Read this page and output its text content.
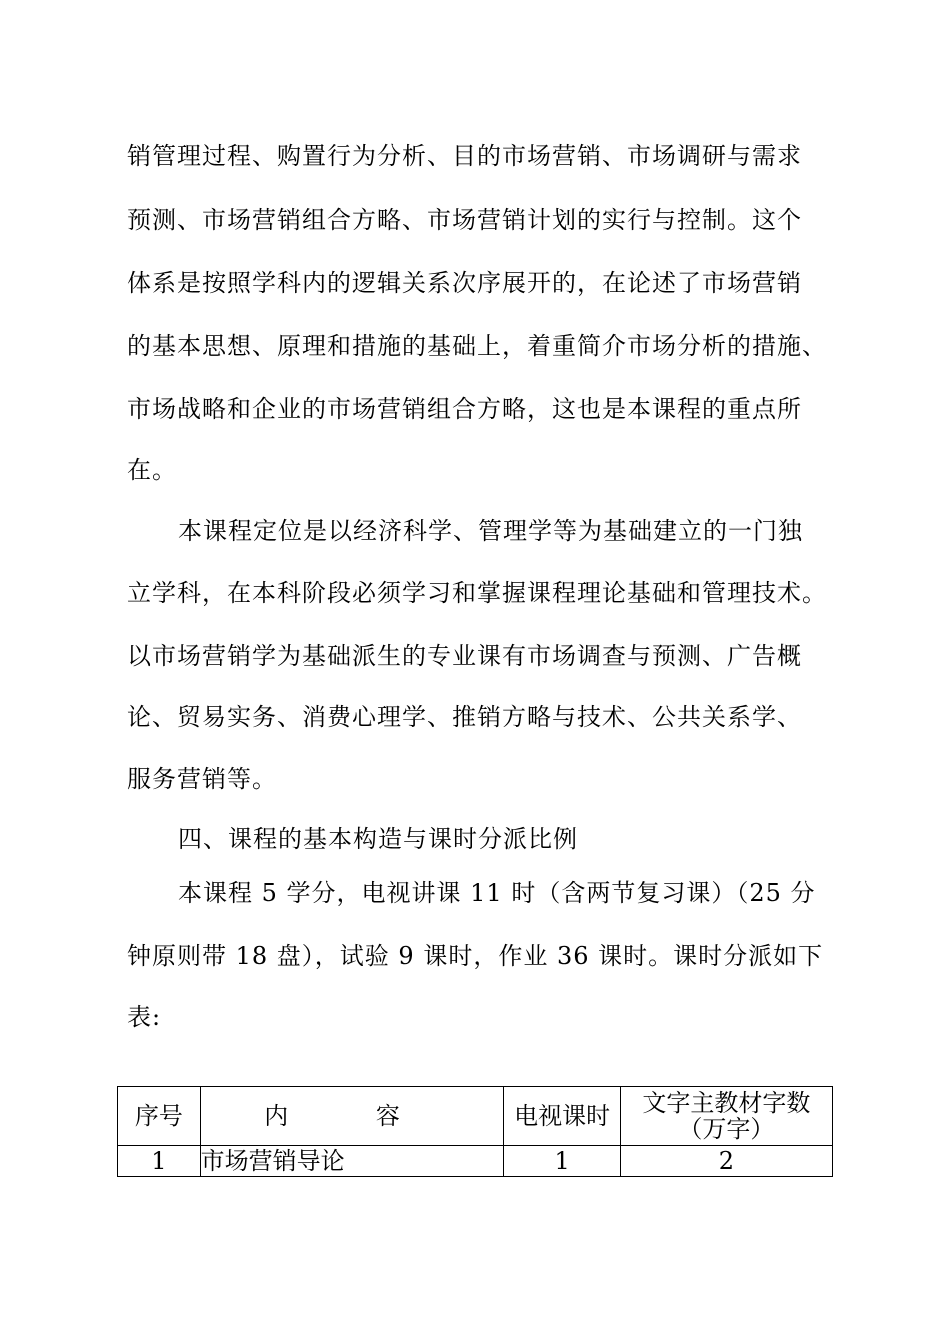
销管理过程、购置行为分析、目的市场营销、市场调研与需求
预测、市场营销组合方略、市场营销计划的实行与控制。这个
体系是按照学科内的逻辑关系次序展开的，在论述了市场营销
的基本思想、原理和措施的基础上，着重简介市场分析的措施、
市场战略和企业的市场营销组合方略，这也是本课程的重点所
在。
本课程定位是以经济科学、管理学等为基础建立的一门独
立学科，在本科阶段必须学习和掌握课程理论基础和管理技术。
以市场营销学为基础派生的专业课有市场调查与预测、广告概
论、贸易实务、消费心理学、推销方略与技术、公共关系学、
服务营销等。
四、课程的基本构造与课时分派比例
本课程 5 学分，电视讲课 11 时（含两节复习课）（25 分
钟原则带 18 盘），试验 9 课时，作业 36 课时。课时分派如下
表:
序号	内 容	电视课时	文字主教材字数（万字）
1	市场营销导论	1	2
